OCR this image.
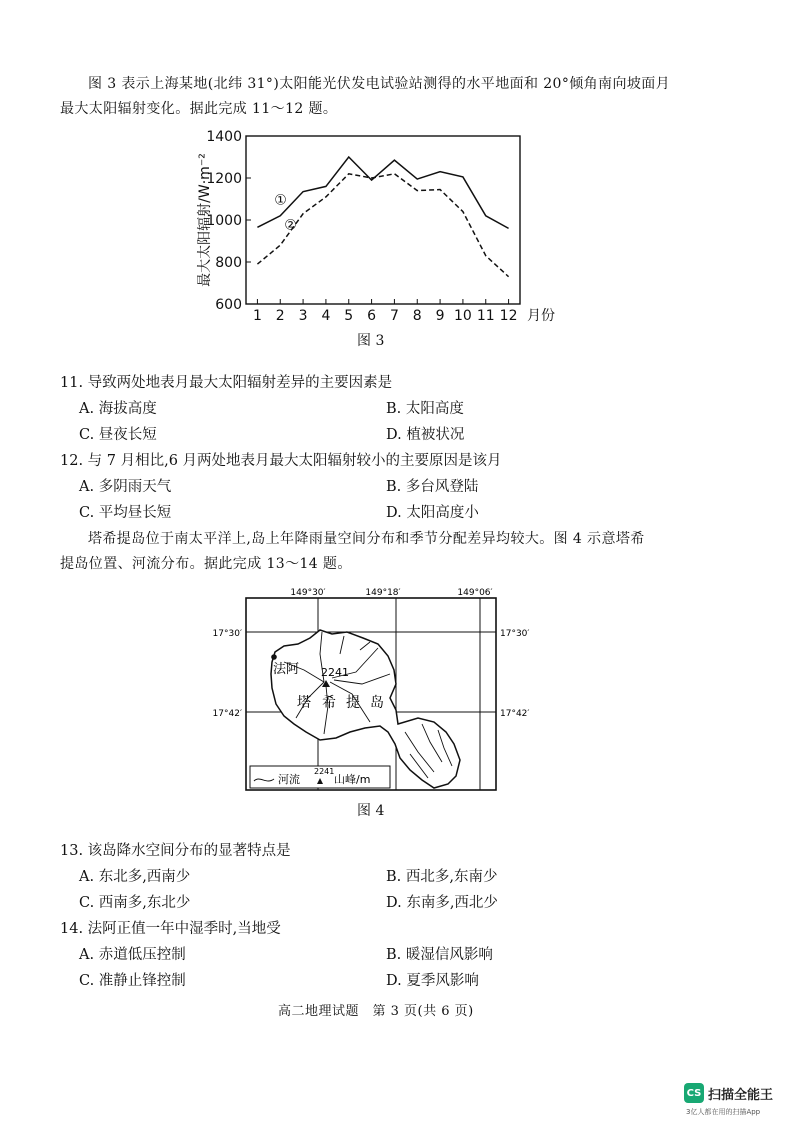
图 3 表示上海某地(北纬 31°)太阳能光伏发电试验站测得的水平地面和 20°倾角南向坡面月
最大太阳辐射变化。据此完成 11～12 题。
1400
1200
1000
800
600
1 2 3 4 5 6 7 8 9 10 11 12 月份
最大太阳辐射/W·m⁻²	①
②
图 3
11. 导致两处地表月最大太阳辐射差异的主要因素是
A. 海拔高度	B. 太阳高度
C. 昼夜长短	D. 植被状况
12. 与 7 月相比,6 月两处地表月最大太阳辐射较小的主要原因是该月
A. 多阴雨天气	B. 多台风登陆
C. 平均昼长短	D. 太阳高度小
塔希提岛位于南太平洋上,岛上年降雨量空间分布和季节分配差异均较大。图 4 示意塔希
提岛位置、河流分布。据此完成 13～14 题。
149°30′	149°18′	149°06′
17°30′
17°42′
17°30′
17°42′
法阿 2241
塔 希 提 岛
河流
2241
山峰/m
图 4
13. 该岛降水空间分布的显著特点是
A. 东北多,西南少	B. 西北多,东南少
C. 西南多,东北少	D. 东南多,西北少
14. 法阿正值一年中湿季时,当地受
A. 赤道低压控制	B. 暖湿信风影响
C. 准静止锋控制	D. 夏季风影响
高二地理试题　第 3 页(共 6 页)
CS 扫描全能王
3亿人都在用的扫描App
